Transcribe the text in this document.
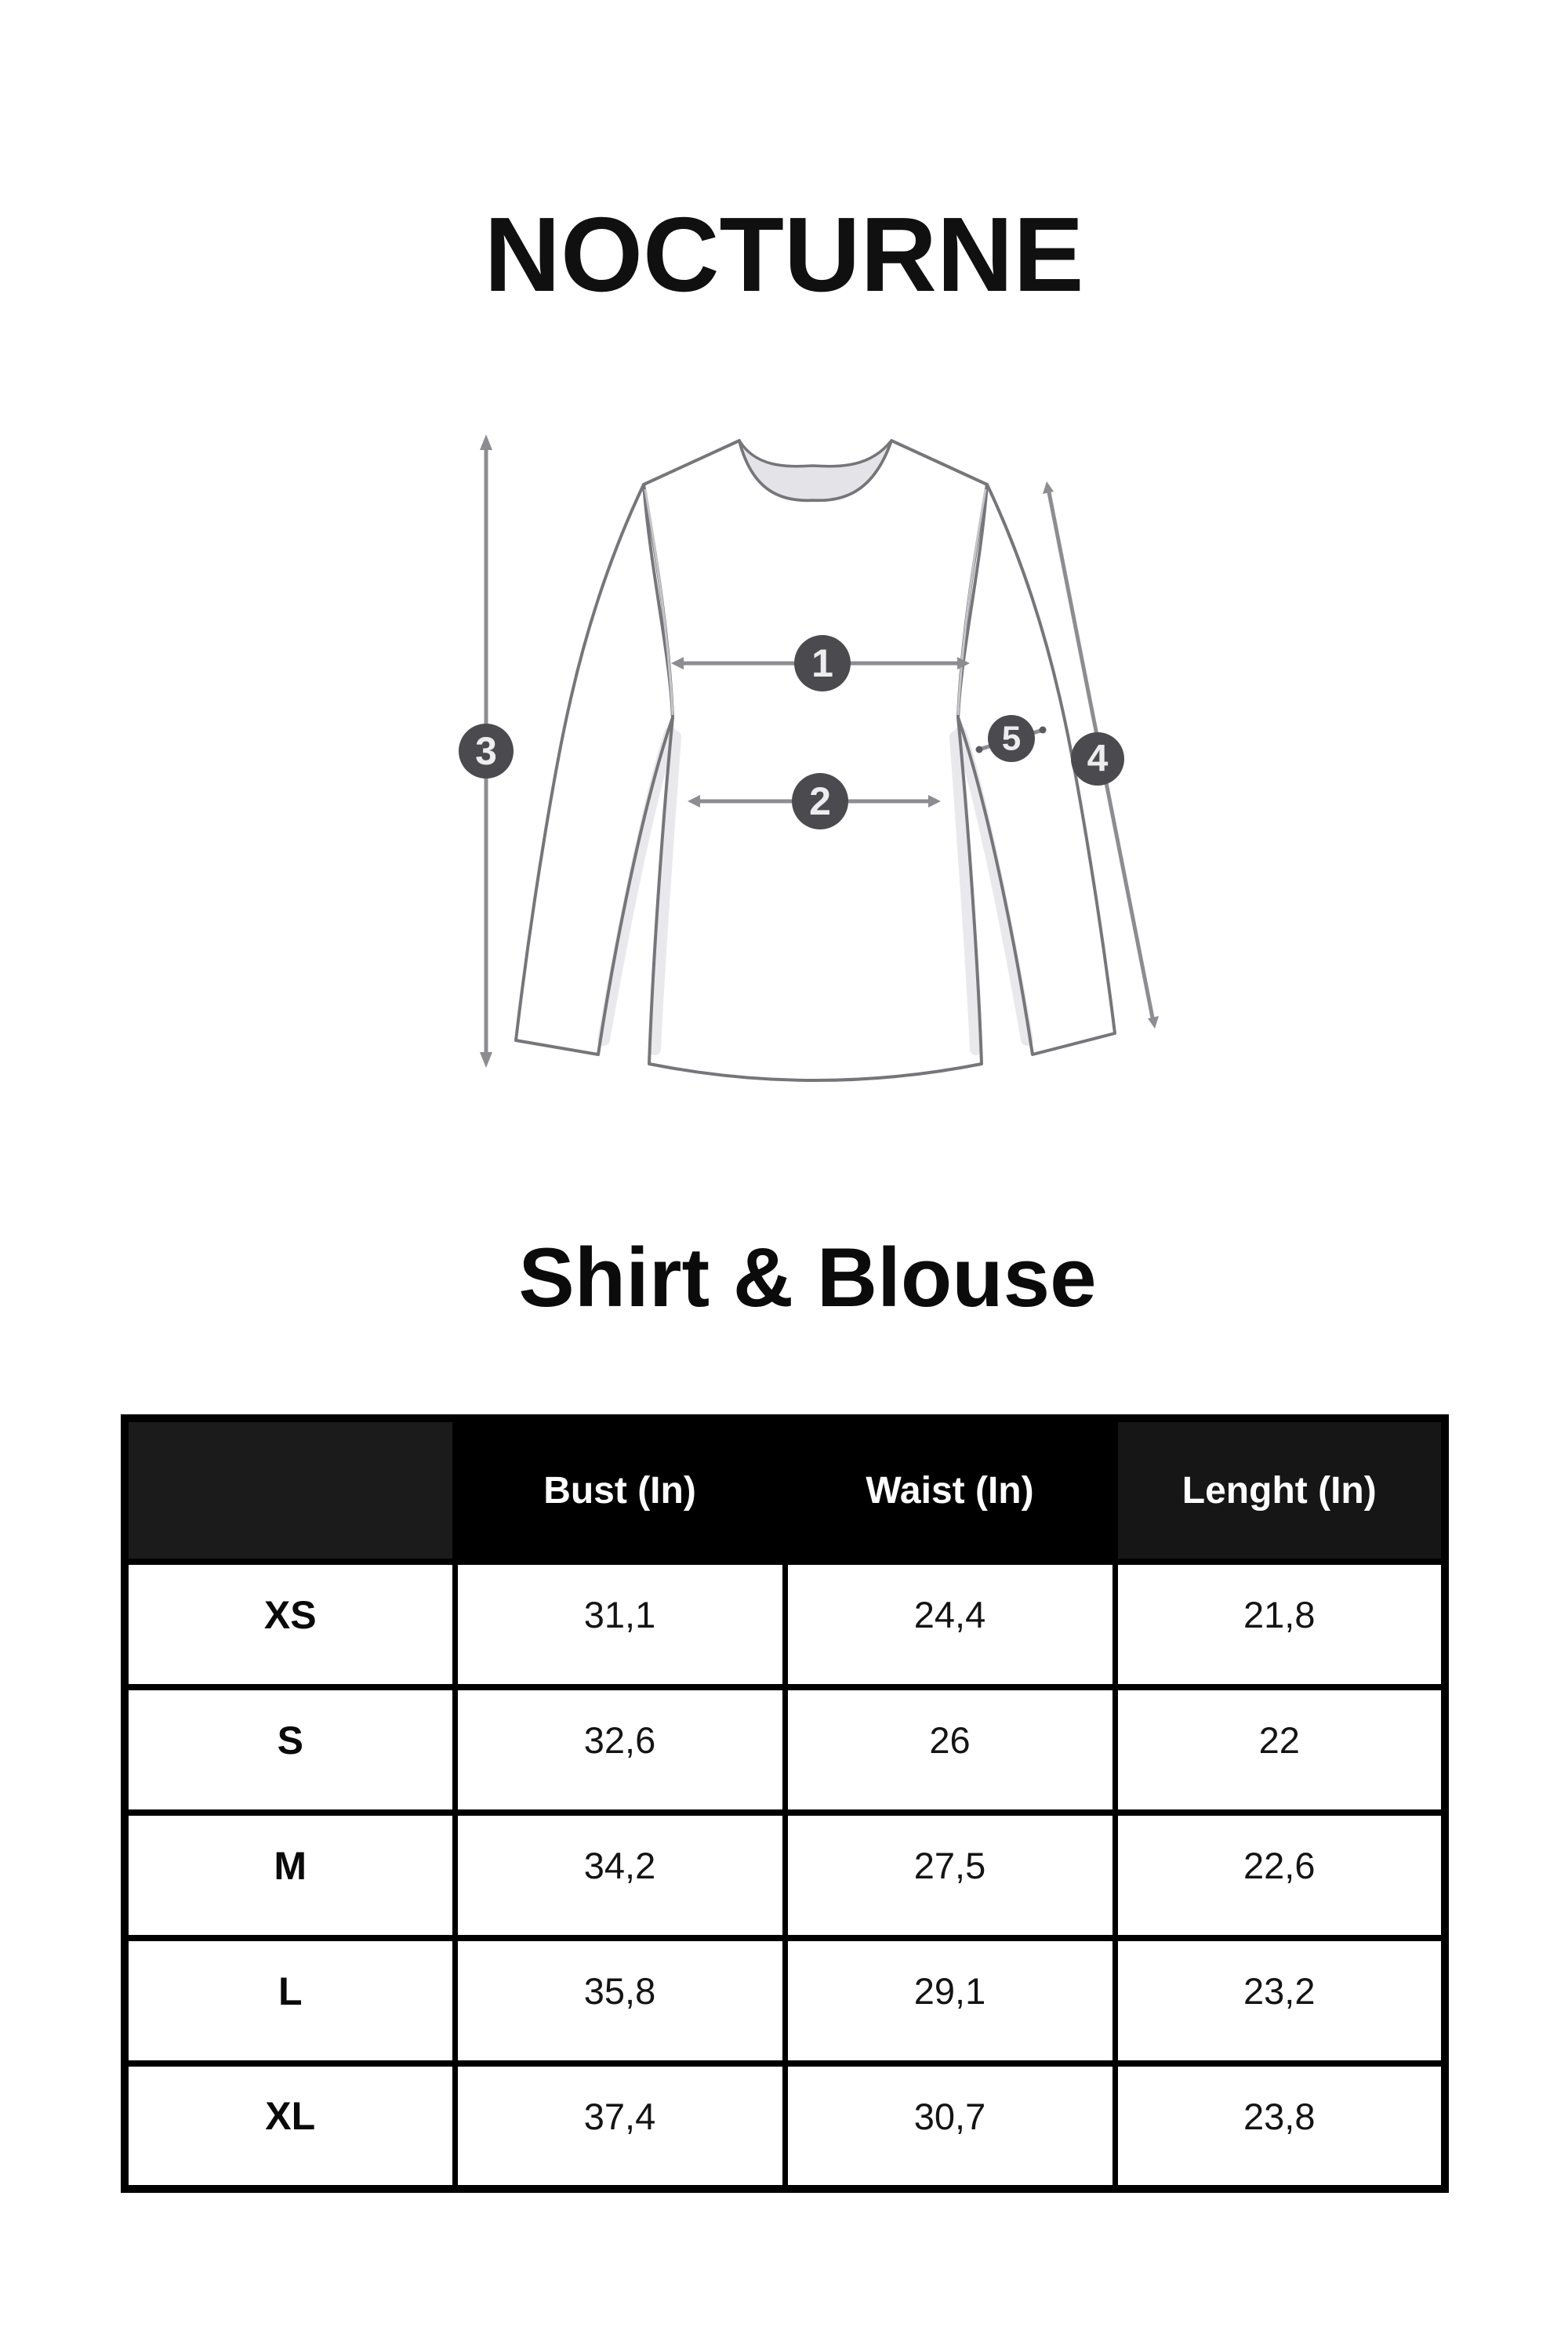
NOCTURNE
1
2
3	4
5
Shirt & Blouse
	Bust (In)	Waist (In)	Lenght (In)
XS	31,1	24,4	21,8
S	32,6	26	22
M	34,2	27,5	22,6
L	35,8	29,1	23,2
XL	37,4	30,7	23,8
